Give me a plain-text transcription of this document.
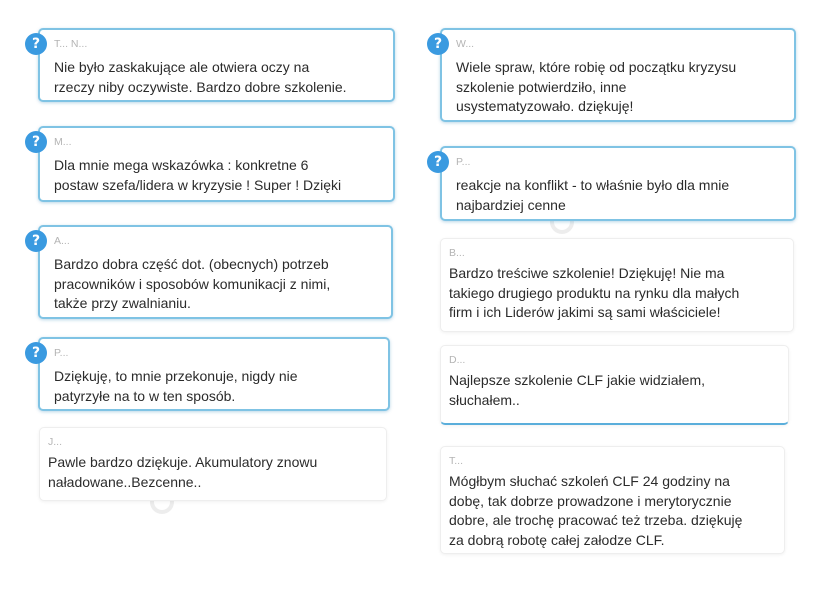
?	T... N...
Nie było zaskakujące ale otwiera oczy na
rzeczy niby oczywiste. Bardzo dobre szkolenie.
?	M...
Dla mnie mega wskazówka : konkretne 6
postaw szefa/lidera w kryzysie ! Super ! Dzięki
?	A...
Bardzo dobra część dot. (obecnych) potrzeb
pracowników i sposobów komunikacji z nimi,
także przy zwalnianiu.
?	P...
Dziękuję, to mnie przekonuje, nigdy nie
patyrzyłe na to w ten sposób.
J...
Pawle bardzo dziękuje. Akumulatory znowu
naładowane..Bezcenne..
?	W...
Wiele spraw, które robię od początku kryzysu
szkolenie potwierdziło, inne
usystematyzowało. dziękuję!
?	P...
reakcje na konflikt - to właśnie było dla mnie
najbardziej cenne
B...
Bardzo treściwe szkolenie! Dziękuję! Nie ma
takiego drugiego produktu na rynku dla małych
firm i ich Liderów jakimi są sami właściciele!
D...
Najlepsze szkolenie CLF jakie widziałem,
słuchałem..
T...
Mógłbym słuchać szkoleń CLF 24 godziny na
dobę, tak dobrze prowadzone i merytorycznie
dobre, ale trochę pracować też trzeba. dziękuję
za dobrą robotę całej załodze CLF.
